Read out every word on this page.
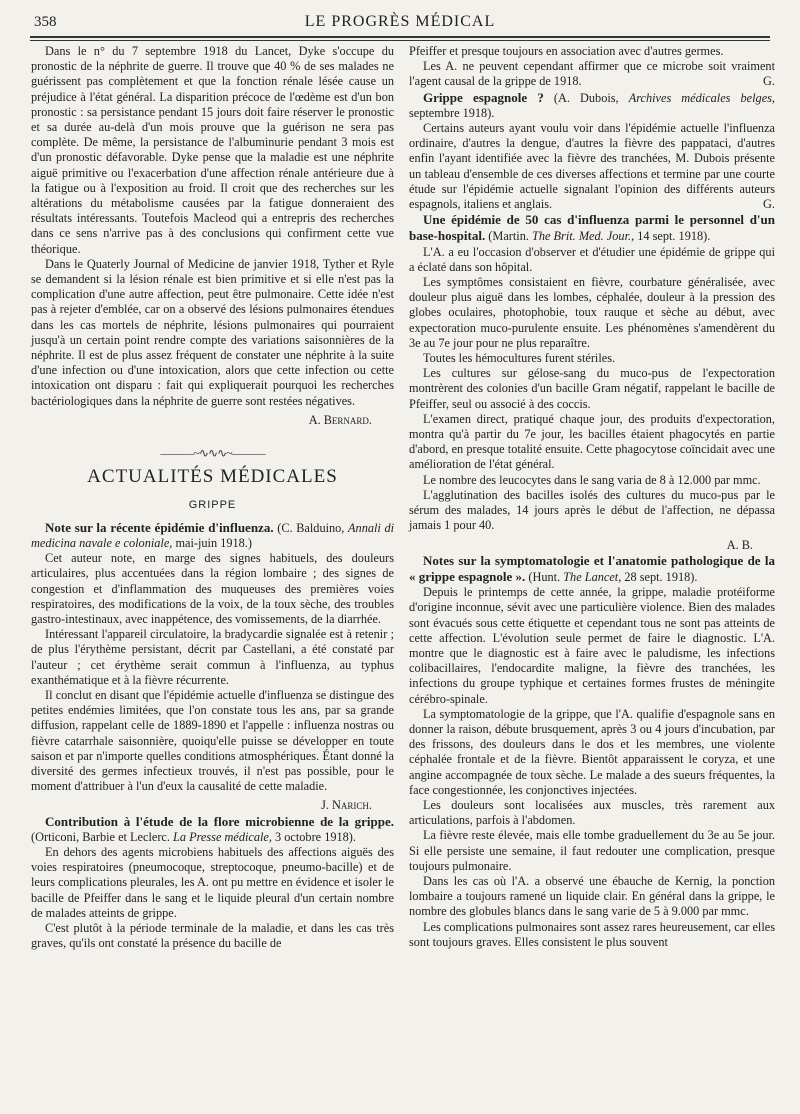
358	LE PROGRÈS MÉDICAL

Dans le n° du 7 septembre 1918 du Lancet, Dyke s'occupe du pronostic de la néphrite de guerre. Il trouve que 40 % de ses malades ne guérissent pas complètement et que la fonction rénale lésée cause un préjudice à l'état général. La disparition précoce de l'œdème est d'un bon pronostic : sa persistance pendant 15 jours doit faire réserver le pronostic et sa durée au-delà d'un mois prouve que la guérison ne sera pas complète. De même, la persistance de l'albuminurie pendant 3 mois est d'un pronostic défavorable. Dyke pense que la maladie est une néphrite aiguë primitive ou l'exacerbation d'une affection rénale antérieure due à la fatigue ou à l'exposition au froid. Il croit que des recherches sur les altérations du métabolisme causées par la fatigue donneraient des résultats intéressants. Toutefois Macleod qui a entrepris des recherches dans ce sens n'arrive pas à des conclusions qui confirment cette vue théorique.

Dans le Quaterly Journal of Medicine de janvier 1918, Tyther et Ryle se demandent si la lésion rénale est bien primitive et si elle n'est pas la complication d'une autre affection, peut être pulmonaire. Cette idée n'est pas à rejeter d'emblée, car on a observé des lésions pulmonaires étendues dans les cas mortels de néphrite, lésions pulmonaires qui pourraient jusqu'à un certain point rendre compte des variations saisonnières de la néphrite. Il est de plus assez fréquent de constater une néphrite à la suite d'une infection ou d'une intoxication, alors que cette infection ou cette intoxication ont disparu : fait qui expliquerait pourquoi les recherches bactériologiques dans la néphrite de guerre sont restées négatives.

A. Bernard.

———~∿∿∿~———
ACTUALITÉS MÉDICALES
GRIPPE

Note sur la récente épidémie d'influenza. (C. Balduino, Annali di medicina navale e coloniale, mai-juin 1918.)

Cet auteur note, en marge des signes habituels, des douleurs articulaires, plus accentuées dans la région lombaire ; des signes de congestion et d'inflammation des muqueuses des premières voies respiratoires, des modifications de la voix, de la toux sèche, des troubles gastro-intestinaux, avec inappétence, des vomissements, de la diarrhée.

Intéressant l'appareil circulatoire, la bradycardie signalée est à retenir ; de plus l'érythème persistant, décrit par Castellani, a été constaté par l'auteur ; cet érythème serait commun à l'influenza, au typhus exanthématique et à la fièvre récurrente.

Il conclut en disant que l'épidémie actuelle d'influenza se distingue des petites endémies limitées, que l'on constate tous les ans, par sa grande diffusion, rappelant celle de 1889-1890 et l'appelle : influenza nostras ou fièvre catarrhale saisonnière, quoiqu'elle puisse se développer en toute saison et par n'importe quelles conditions atmosphériques. Étant donné la diversité des germes infectieux trouvés, il n'est pas possible, pour le moment d'attribuer à l'un d'eux la causalité de cette maladie.

J. Narich.

Contribution à l'étude de la flore microbienne de la grippe. (Orticoni, Barbie et Leclerc. La Presse médicale, 3 octobre 1918).

En dehors des agents microbiens habituels des affections aiguës des voies respiratoires (pneumocoque, streptocoque, pneumo-bacille) et de leurs complications pleurales, les A. ont pu mettre en évidence et isoler le bacille de Pfeiffer dans le sang et le liquide pleural d'un certain nombre de malades atteints de grippe.

C'est plutôt à la période terminale de la maladie, et dans les cas très graves, qu'ils ont constaté la présence du bacille de

Pfeiffer et presque toujours en association avec d'autres germes.

Les A. ne peuvent cependant affirmer que ce microbe soit vraiment l'agent causal de la grippe de 1918.	G.

Grippe espagnole ? (A. Dubois, Archives médicales belges, septembre 1918).

Certains auteurs ayant voulu voir dans l'épidémie actuelle l'influenza ordinaire, d'autres la dengue, d'autres la fièvre des pappataci, d'autres enfin l'ayant identifiée avec la fièvre des tranchées, M. Dubois présente un tableau d'ensemble de ces diverses affections et termine par une courte étude sur l'épidémie actuelle signalant l'opinion des différents auteurs espagnols, italiens et anglais.	G.

Une épidémie de 50 cas d'influenza parmi le personnel d'un base-hospital. (Martin. The Brit. Med. Jour., 14 sept. 1918).

L'A. a eu l'occasion d'observer et d'étudier une épidémie de grippe qui a éclaté dans son hôpital.

Les symptômes consistaient en fièvre, courbature généralisée, avec douleur plus aiguë dans les lombes, céphalée, douleur à la pression des globes oculaires, photophobie, toux rauque et sèche au début, avec expectoration muco-purulente ensuite. Les phénomènes s'amendèrent du 3e au 7e jour pour ne plus reparaître.

Toutes les hémocultures furent stériles.

Les cultures sur gélose-sang du muco-pus de l'expectoration montrèrent des colonies d'un bacille Gram négatif, rappelant le bacille de Pfeiffer, seul ou associé à des coccis.

L'examen direct, pratiqué chaque jour, des produits d'expectoration, montra qu'à partir du 7e jour, les bacilles étaient phagocytés en partie d'abord, en presque totalité ensuite. Cette phagocytose coïncidait avec une amélioration de l'état général.

Le nombre des leucocytes dans le sang varia de 8 à 12.000 par mmc.

L'agglutination des bacilles isolés des cultures du muco-pus par le sérum des malades, 14 jours après le début de l'affection, ne dépassa jamais 1 pour 40.

A. B.

Notes sur la symptomatologie et l'anatomie pathologique de la « grippe espagnole ». (Hunt. The Lancet, 28 sept. 1918).

Depuis le printemps de cette année, la grippe, maladie protéiforme d'origine inconnue, sévit avec une particulière violence. Bien des malades sont évacués sous cette étiquette et cependant tous ne sont pas atteints de cette affection. L'évolution seule permet de faire le diagnostic. L'A. montre que le diagnostic est à faire avec le paludisme, les infections colibacillaires, l'endocardite maligne, la fièvre des tranchées, les infections du groupe typhique et certaines formes frustes de méningite cérébro-spinale.

La symptomatologie de la grippe, que l'A. qualifie d'espagnole sans en donner la raison, débute brusquement, après 3 ou 4 jours d'incubation, par des frissons, des douleurs dans le dos et les membres, une violente céphalée frontale et de la fièvre. Bientôt apparaissent le coryza, et une angine accompagnée de toux sèche. Le malade a des sueurs fréquentes, la face congestionnée, les conjonctives injectées.

Les douleurs sont localisées aux muscles, très rarement aux articulations, parfois à l'abdomen.

La fièvre reste élevée, mais elle tombe graduellement du 3e au 5e jour. Si elle persiste une semaine, il faut redouter une complication, presque toujours pulmonaire.

Dans les cas où l'A. a observé une ébauche de Kernig, la ponction lombaire a toujours ramené un liquide clair. En général dans la grippe, le nombre des globules blancs dans le sang varie de 5 à 9.000 par mmc.

Les complications pulmonaires sont assez rares heureusement, car elles sont toujours graves. Elles consistent le plus souvent
